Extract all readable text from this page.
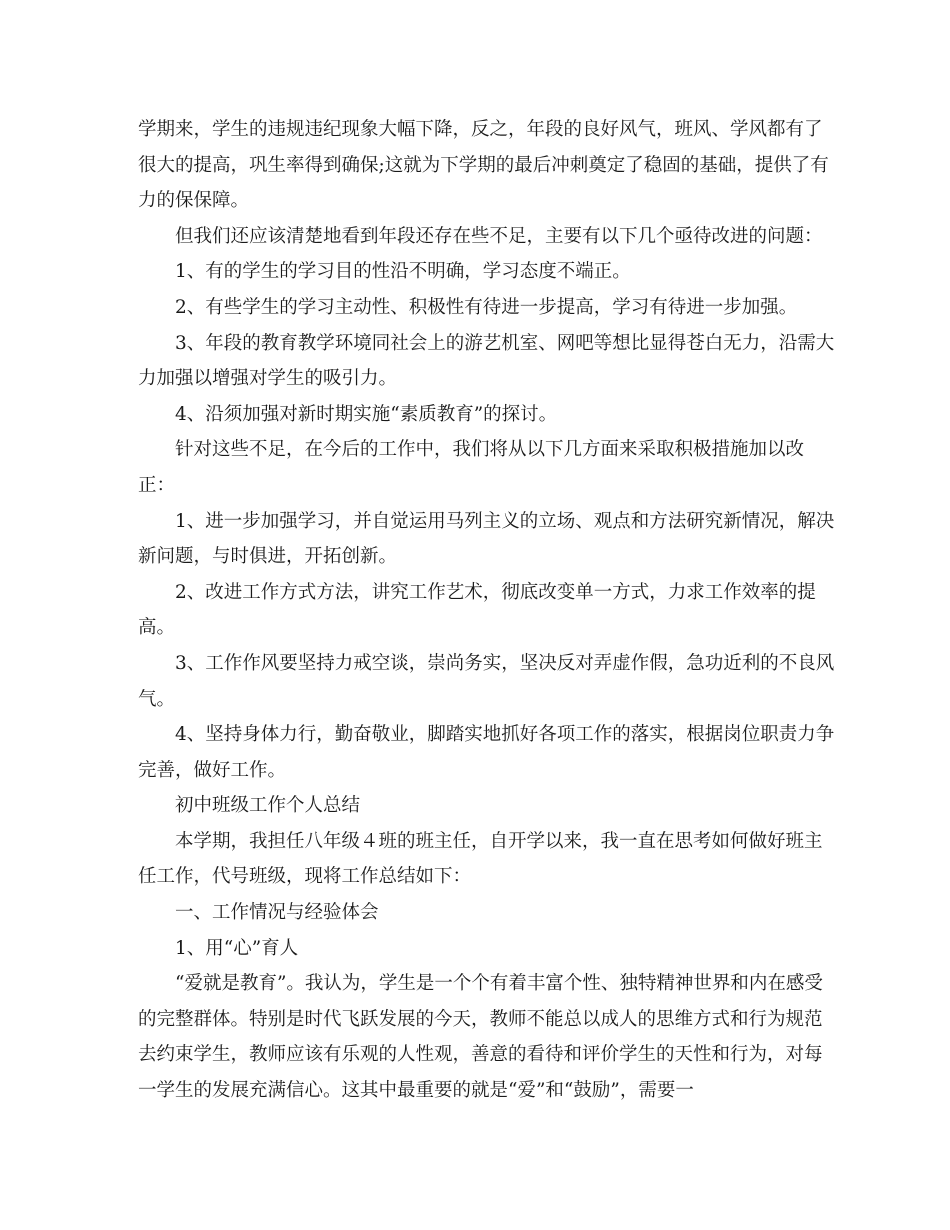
学期来，学生的违规违纪现象大幅下降，反之，年段的良好风气，班风、学风都有了很大的提高，巩生率得到确保;这就为下学期的最后冲刺奠定了稳固的基础，提供了有力的保保障。

但我们还应该清楚地看到年段还存在些不足，主要有以下几个亟待改进的问题：

1、有的学生的学习目的性沿不明确，学习态度不端正。

2、有些学生的学习主动性、积极性有待进一步提高，学习有待进一步加强。

3、年段的教育教学环境同社会上的游艺机室、网吧等想比显得苍白无力，沿需大力加强以增强对学生的吸引力。

4、沿须加强对新时期实施“素质教育”的探讨。

针对这些不足，在今后的工作中，我们将从以下几方面来采取积极措施加以改正：

1、进一步加强学习，并自觉运用马列主义的立场、观点和方法研究新情况，解决新问题，与时俱进，开拓创新。

2、改进工作方式方法，讲究工作艺术，彻底改变单一方式，力求工作效率的提高。

3、工作作风要坚持力戒空谈，崇尚务实，坚决反对弄虚作假，急功近利的不良风气。

4、坚持身体力行，勤奋敬业，脚踏实地抓好各项工作的落实，根据岗位职责力争完善，做好工作。

初中班级工作个人总结

本学期，我担任八年级４班的班主任，自开学以来，我一直在思考如何做好班主任工作，代号班级，现将工作总结如下：

一、工作情况与经验体会

1、用“心”育人

“爱就是教育”。我认为，学生是一个个有着丰富个性、独特精神世界和内在感受的完整群体。特别是时代飞跃发展的今天，教师不能总以成人的思维方式和行为规范去约束学生，教师应该有乐观的人性观，善意的看待和评价学生的天性和行为，对每一学生的发展充满信心。这其中最重要的就是“爱”和“鼓励”，需要一
